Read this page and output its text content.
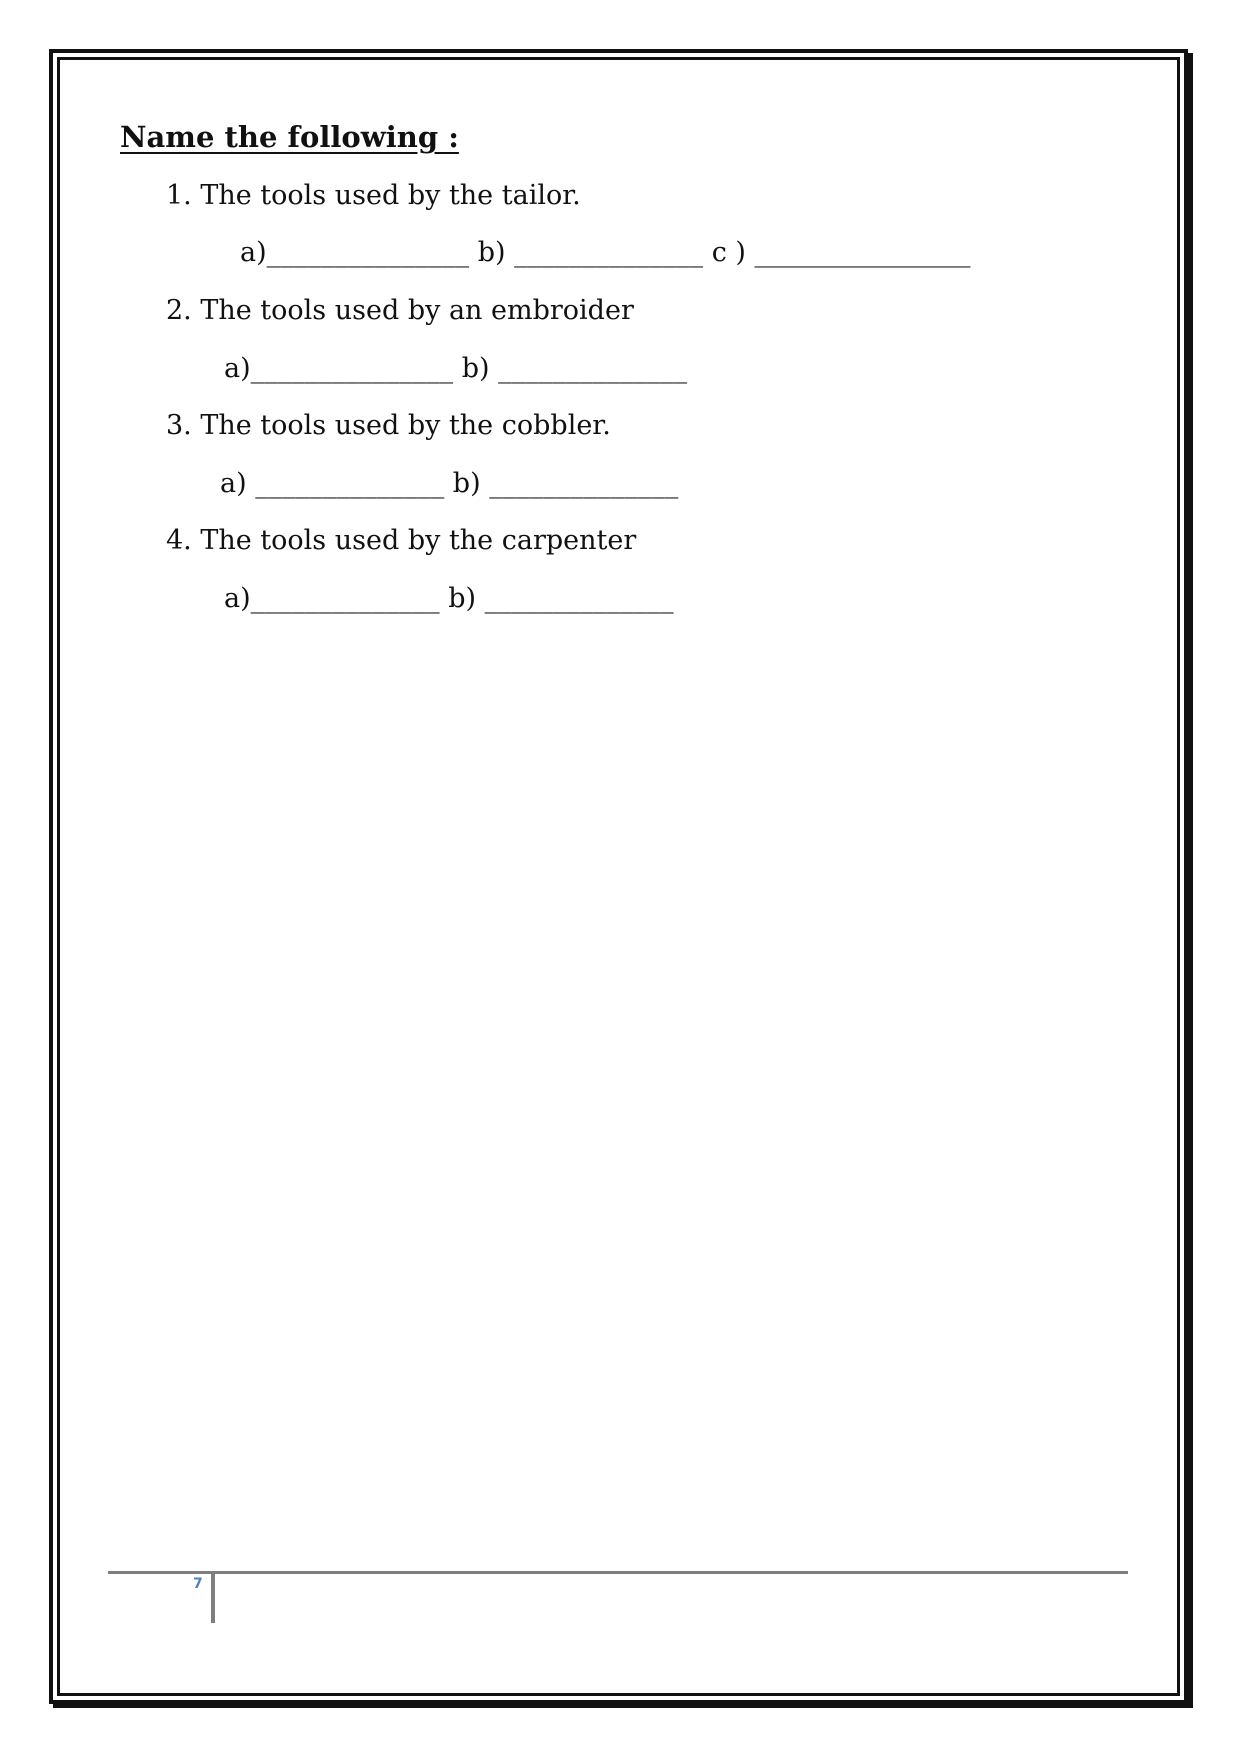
Name the following :
1. The tools used by the tailor.
a)_______________ b) ______________ c ) ________________
2. The tools used by an embroider
a)_______________ b) ______________
3. The tools used by the cobbler.
a) ______________ b) ______________
4. The tools used by the carpenter
a)______________ b) ______________
7
